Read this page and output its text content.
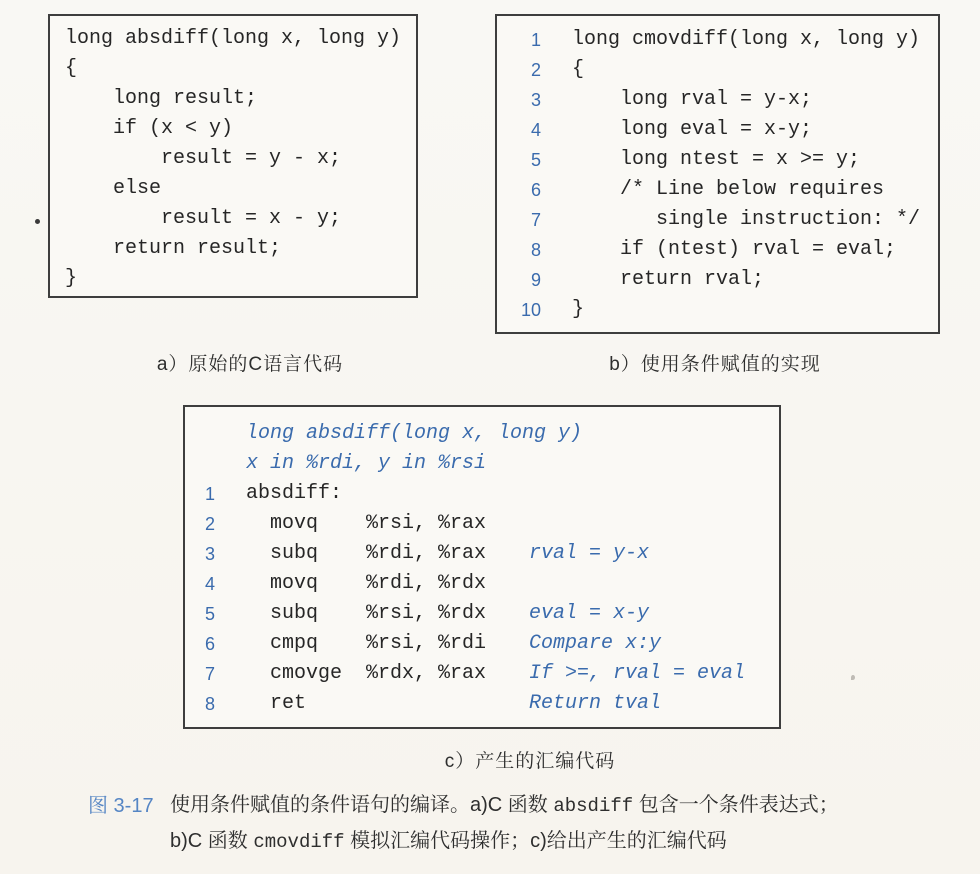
long absdiff(long x, long y)
{
long result;
if (x < y)
result = y - x;
else
result = x - y;
return result;
}
1 long cmovdiff(long x, long y)
2 {
3 long rval = y-x;
4 long eval = x-y;
5 long ntest = x >= y;
6 /* Line below requires
7 single instruction: */
8 if (ntest) rval = eval;
9 return rval;
10 }
a）原始的C语言代码	b）使用条件赋值的实现
long absdiff(long x, long y)
x in %rdi, y in %rsi
1 absdiff:
2 movq    %rsi, %rax
3 subq    %rdi, %rax rval = y-x
4 movq    %rdi, %rdx
5 subq    %rsi, %rdx eval = x-y
6 cmpq    %rsi, %rdi Compare x:y
7 cmovge  %rdx, %rax If >=, rval = eval
8 ret	Return tval
c）产生的汇编代码
图 3-17 使用条件赋值的条件语句的编译。a)C 函数 absdiff 包含一个条件表达式；
b)C 函数 cmovdiff 模拟汇编代码操作；c)给出产生的汇编代码
